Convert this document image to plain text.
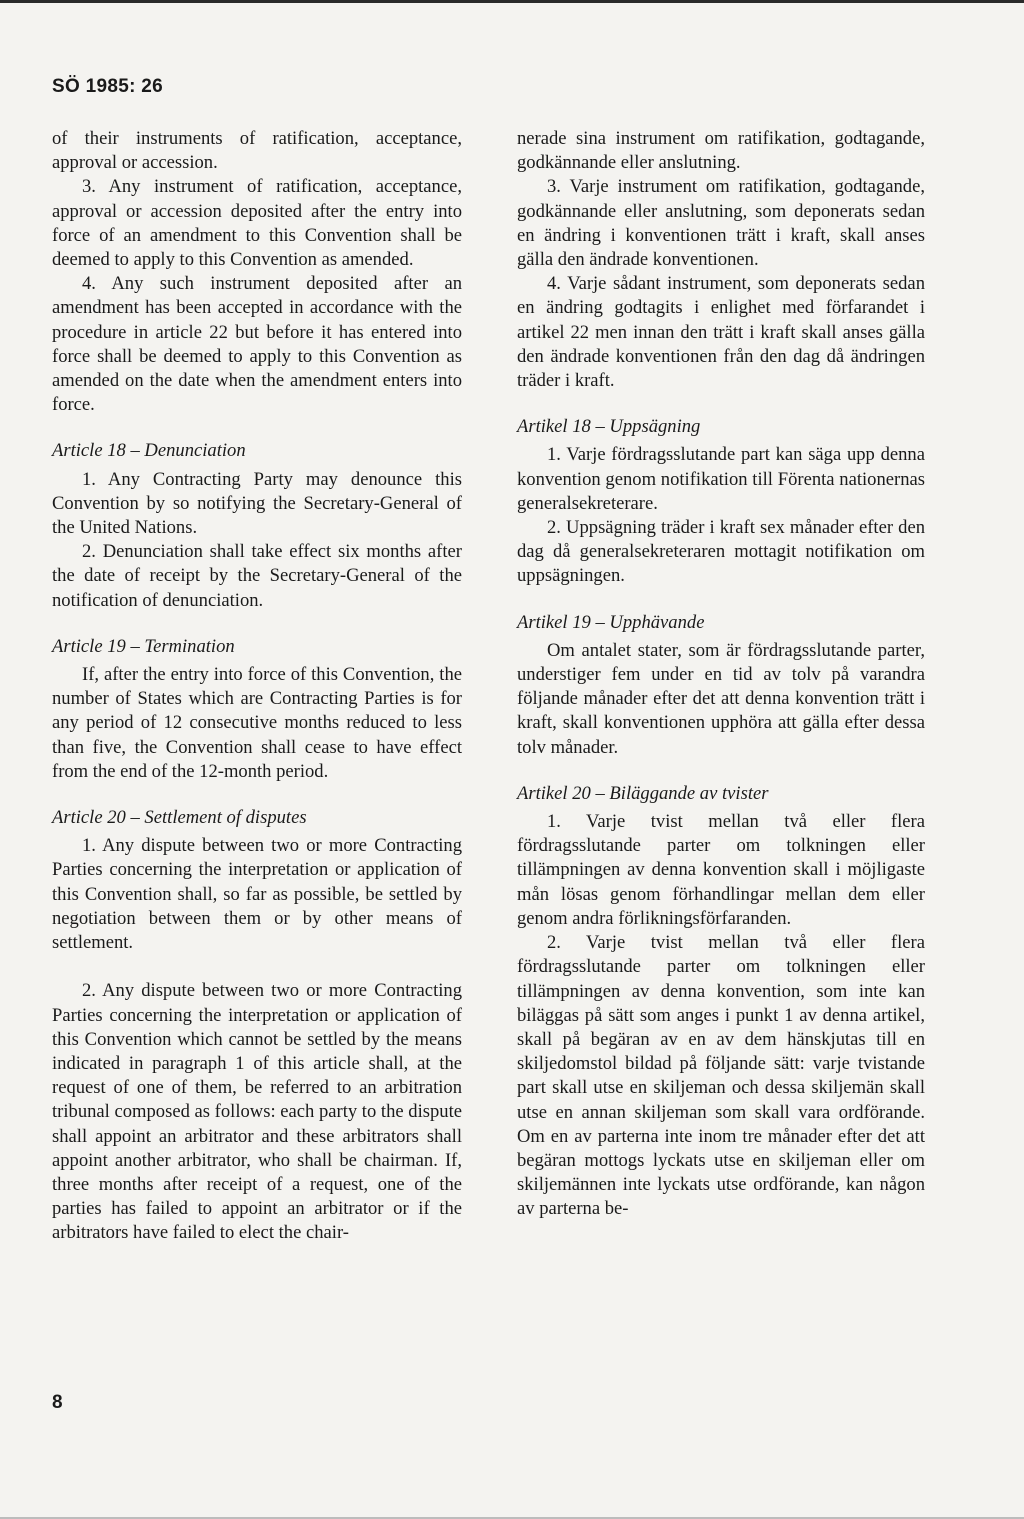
SÖ 1985: 26

of their instruments of ratification, acceptance, approval or accession.

3. Any instrument of ratification, acceptance, approval or accession deposited after the entry into force of an amendment to this Convention shall be deemed to apply to this Convention as amended.

4. Any such instrument deposited after an amendment has been accepted in accordance with the procedure in article 22 but before it has entered into force shall be deemed to apply to this Convention as amended on the date when the amendment enters into force.

Article 18 – Denunciation

1. Any Contracting Party may denounce this Convention by so notifying the Secretary-General of the United Nations.

2. Denunciation shall take effect six months after the date of receipt by the Secretary-General of the notification of denunciation.

Article 19 – Termination

If, after the entry into force of this Convention, the number of States which are Contracting Parties is for any period of 12 consecutive months reduced to less than five, the Convention shall cease to have effect from the end of the 12-month period.

Article 20 – Settlement of disputes

1. Any dispute between two or more Contracting Parties concerning the interpretation or application of this Convention shall, so far as possible, be settled by negotiation between them or by other means of settlement.

2. Any dispute between two or more Contracting Parties concerning the interpretation or application of this Convention which cannot be settled by the means indicated in paragraph 1 of this article shall, at the request of one of them, be referred to an arbitration tribunal composed as follows: each party to the dispute shall appoint an arbitrator and these arbitrators shall appoint another arbitrator, who shall be chairman. If, three months after receipt of a request, one of the parties has failed to appoint an arbitrator or if the arbitrators have failed to elect the chair-

nerade sina instrument om ratifikation, godtagande, godkännande eller anslutning.

3. Varje instrument om ratifikation, godtagande, godkännande eller anslutning, som deponerats sedan en ändring i konventionen trätt i kraft, skall anses gälla den ändrade konventionen.

4. Varje sådant instrument, som deponerats sedan en ändring godtagits i enlighet med förfarandet i artikel 22 men innan den trätt i kraft skall anses gälla den ändrade konventionen från den dag då ändringen träder i kraft.

Artikel 18 – Uppsägning

1. Varje fördragsslutande part kan säga upp denna konvention genom notifikation till Förenta nationernas generalsekreterare.

2. Uppsägning träder i kraft sex månader efter den dag då generalsekreteraren mottagit notifikation om uppsägningen.

Artikel 19 – Upphävande

Om antalet stater, som är fördragsslutande parter, understiger fem under en tid av tolv på varandra följande månader efter det att denna konvention trätt i kraft, skall konventionen upphöra att gälla efter dessa tolv månader.

Artikel 20 – Biläggande av tvister

1. Varje tvist mellan två eller flera fördragsslutande parter om tolkningen eller tillämpningen av denna konvention skall i möjligaste mån lösas genom förhandlingar mellan dem eller genom andra förlikningsförfaranden.

2. Varje tvist mellan två eller flera fördragsslutande parter om tolkningen eller tillämpningen av denna konvention, som inte kan biläggas på sätt som anges i punkt 1 av denna artikel, skall på begäran av en av dem hänskjutas till en skiljedomstol bildad på följande sätt: varje tvistande part skall utse en skiljeman och dessa skiljemän skall utse en annan skiljeman som skall vara ordförande. Om en av parterna inte inom tre månader efter det att begäran mottogs lyckats utse en skiljeman eller om skiljemännen inte lyckats utse ordförande, kan någon av parterna be-

8
